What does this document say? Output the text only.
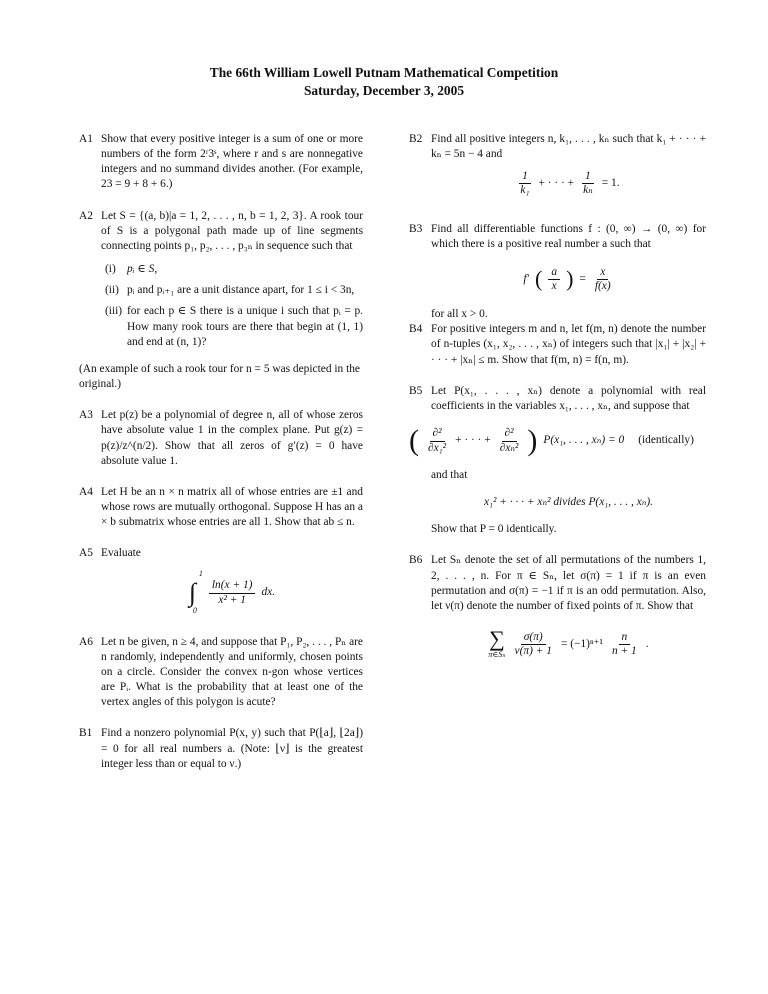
The 66th William Lowell Putnam Mathematical Competition
Saturday, December 3, 2005
A1 Show that every positive integer is a sum of one or more numbers of the form 2ʳ3ˢ, where r and s are nonnegative integers and no summand divides another. (For example, 23 = 9 + 8 + 6.)
A2 Let S = {(a, b)|a = 1, 2, . . . , n, b = 1, 2, 3}. A rook tour of S is a polygonal path made up of line segments connecting points p₁, p₂, . . . , p₃ₙ in sequence such that
(i) pᵢ ∈ S,
(ii) pᵢ and pᵢ₊₁ are a unit distance apart, for 1 ≤ i < 3n,
(iii) for each p ∈ S there is a unique i such that pᵢ = p. How many rook tours are there that begin at (1, 1) and end at (n, 1)?
(An example of such a rook tour for n = 5 was depicted in the original.)
A3 Let p(z) be a polynomial of degree n, all of whose zeros have absolute value 1 in the complex plane. Put g(z) = p(z)/z^(n/2). Show that all zeros of g′(z) = 0 have absolute value 1.
A4 Let H be an n × n matrix all of whose entries are ±1 and whose rows are mutually orthogonal. Suppose H has an a × b submatrix whose entries are all 1. Show that ab ≤ n.
A5 Evaluate
1
∫
0
ln(x + 1)
x² + 1
dx.
A6 Let n be given, n ≥ 4, and suppose that P₁, P₂, . . . , Pₙ are n randomly, independently and uniformly, chosen points on a circle. Consider the convex n-gon whose vertices are Pᵢ. What is the probability that at least one of the vertex angles of this polygon is acute?
B1 Find a nonzero polynomial P(x, y) such that P(⌊a⌋, ⌊2a⌋) = 0 for all real numbers a. (Note: ⌊ν⌋ is the greatest integer less than or equal to ν.)
B2 Find all positive integers n, k₁, . . . , kₙ such that k₁ + · · · + kₙ = 5n − 4 and
1
k₁
+ · · · + $\frac{1}{\text{kₙ}} = 1$.
B3 Find all differentiable functions f : (0, ∞) → (0, ∞) for which there is a positive real number a such that
f′ ( a
x ) = $\frac{x}{f(x)}$
for all x > 0.
B4 For positive integers m and n, let f(m, n) denote the number of n-tuples (x₁, x₂, . . . , xₙ) of integers such that |x₁| + |x₂| + · · · + |xₙ| ≤ m. Show that f(m, n) = f(n, m).
B5 Let P(x₁, . . . , xₙ) denote a polynomial with real coefficients in the variables x₁, . . . , xₙ, and suppose that
( ∂²
∂x₁²
+ · · · +
∂²
∂xₙ² ) P(x₁, . . . , xₙ) = 0 (identically)
and that
x₁² + · · · + xₙ² divides P(x₁, . . . , xₙ).
Show that P = 0 identically.
B6 Let Sₙ denote the set of all permutations of the numbers 1, 2, . . . , n. For π ∈ Sₙ, let σ(π) = 1 if π is an even permutation and σ(π) = −1 if π is an odd permutation. Also, let ν(π) denote the number of fixed points of π. Show that
∑
π∈Sₙ $\frac{\sigma(\pi)}{\nu(\pi) + 1} = (-1)^{n+1}$
n
n + 1
.
